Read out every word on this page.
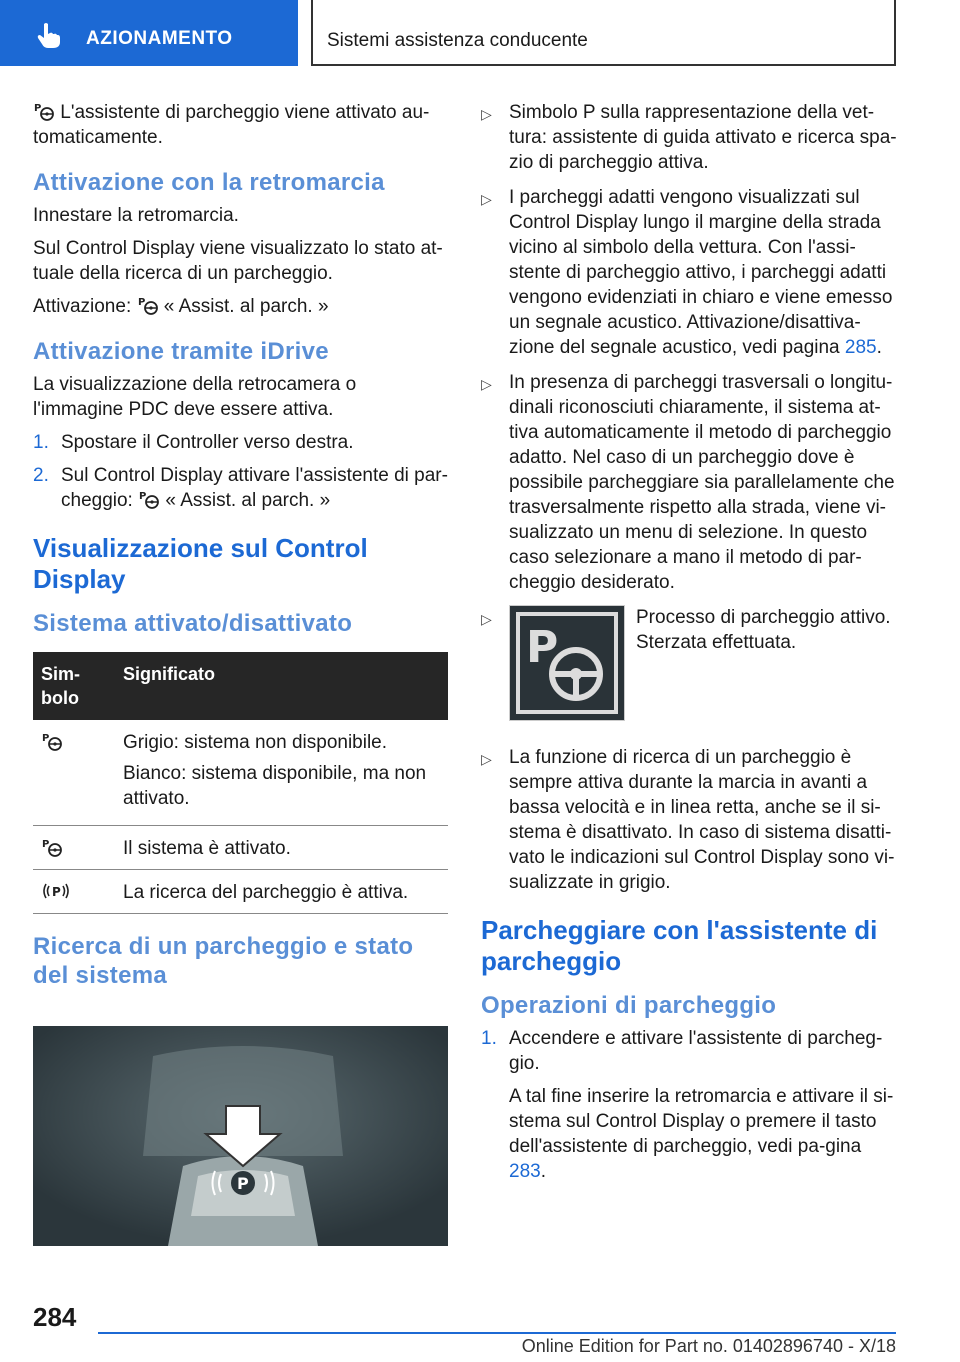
AZIONAMENTO	Sistemi assistenza conducente

P L'assistente di parcheggio viene attivato au-tomaticamente.

Attivazione con la retromarcia

Innestare la retromarcia.

Sul Control Display viene visualizzato lo stato at-tuale della ricerca di un parcheggio.

Attivazione: P « Assist. al parch. »

Attivazione tramite iDrive

La visualizzazione della retrocamera o l'immagine PDC deve essere attiva.

1. Spostare il Controller verso destra.
2. Sul Control Display attivare l'assistente di par-cheggio: P « Assist. al parch. »
Visualizzazione sul Control Display
Sistema attivato/disattivato
Sim-bolo	Significato

P	Grigio: sistema non disponibile.

Bianco: sistema disponibile, ma non attivato.

P	Il sistema è attivato.

P	La ricerca del parcheggio è attiva.
Ricerca di un parcheggio e stato del sistema
P
▷ Simbolo P sulla rappresentazione della vet-tura: assistente di guida attivato e ricerca spa-zio di parcheggio attiva.
▷ I parcheggi adatti vengono visualizzati sul Control Display lungo il margine della strada vicino al simbolo della vettura. Con l'assi-stente di parcheggio attivo, i parcheggi adatti vengono evidenziati in chiaro e viene emesso un segnale acustico. Attivazione/disattiva-zione del segnale acustico, vedi pagina 285.
▷ In presenza di parcheggi trasversali o longitu-dinali riconosciuti chiaramente, il sistema at-tiva automaticamente il metodo di parcheggio adatto. Nel caso di un parcheggio dove è possibile parcheggiare sia parallelamente che trasversalmente rispetto alla strada, viene vi-sualizzato un menu di selezione. In questo caso selezionare a mano il metodo di par-cheggio desiderato.
▷
P
Processo di parcheggio attivo. Sterzata effettuata.
▷ La funzione di ricerca di un parcheggio è sempre attiva durante la marcia in avanti a bassa velocità e in linea retta, anche se il si-stema è disattivato. In caso di sistema disatti-vato le indicazioni sul Control Display sono vi-sualizzate in grigio.
Parcheggiare con l'assistente di parcheggio
Operazioni di parcheggio
1. Accendere e attivare l'assistente di parcheg-gio.

A tal fine inserire la retromarcia e attivare il si-stema sul Control Display o premere il tasto dell'assistente di parcheggio, vedi pa-gina 283.

284
Online Edition for Part no. 01402896740 - X/18
